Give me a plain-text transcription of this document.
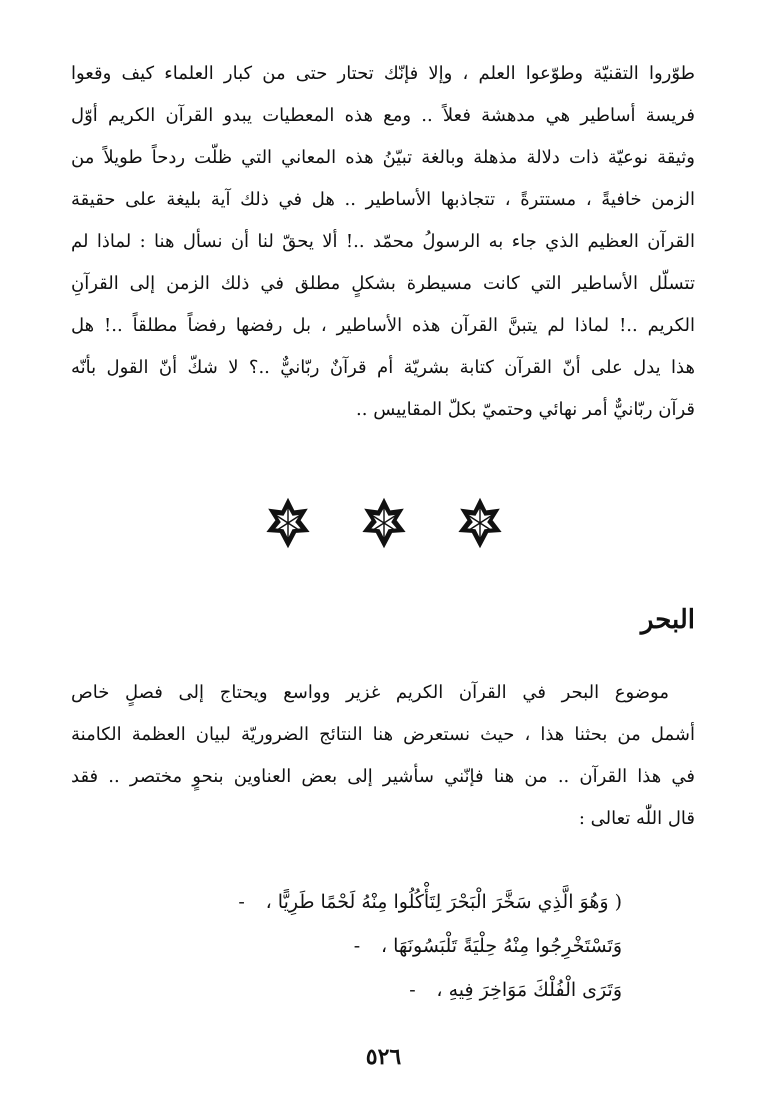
طوّروا التقنيّة وطوّعوا العلم ، وإلا فإنّك تحتار حتى من كبار العلماء كيف وقعوا
فريسة أساطير هي مدهشة فعلاً .. ومع هذه المعطيات يبدو القرآن الكريم أوّل
وثيقة نوعيّة ذات دلالة مذهلة وبالغة تبيّنُ هذه المعاني التي ظلّت ردحاً طويلاً من
الزمن خافيةً ، مستترةً ، تتجاذبها الأساطير .. هل في ذلك آية بليغة على حقيقة
القرآن العظيم الذي جاء به الرسولُ محمّد ..! ألا يحقّ لنا أن نسأل هنا : لماذا لم
تتسلّل الأساطير التي كانت مسيطرة بشكلٍ مطلق في ذلك الزمن إلى القرآنِ
الكريم ..! لماذا لم يتبنَّ القرآن هذه الأساطير ، بل رفضها رفضاً مطلقاً ..! هل
هذا يدل على أنّ القرآن كتابة بشريّة أم قرآنٌ ربّانيٌّ ..؟ لا شكّ أنّ القول بأنّه
قرآن ربّانيٌّ أمر نهائي وحتميّ بكلّ المقاييس ..

البحر

موضوع البحر في القرآن الكريم غزير وواسع ويحتاج إلى فصلٍ خاص
أشمل من بحثنا هذا ، حيث نستعرض هنا النتائج الضروريّة لبيان العظمة الكامنة
في هذا القرآن .. من هنا فإنّني سأشير إلى بعض العناوين بنحوٍ مختصر .. فقد
قال اللّٰه تعالى :

-	( وَهُوَ الَّذِي سَخَّرَ الْبَحْرَ لِتَأْكُلُوا مِنْهُ لَحْمًا طَرِيًّا ،
-	وَتَسْتَخْرِجُوا مِنْهُ حِلْيَةً تَلْبَسُونَهَا ،
-	وَتَرَى الْفُلْكَ مَوَاخِرَ فِيهِ ،
٥٢٦
